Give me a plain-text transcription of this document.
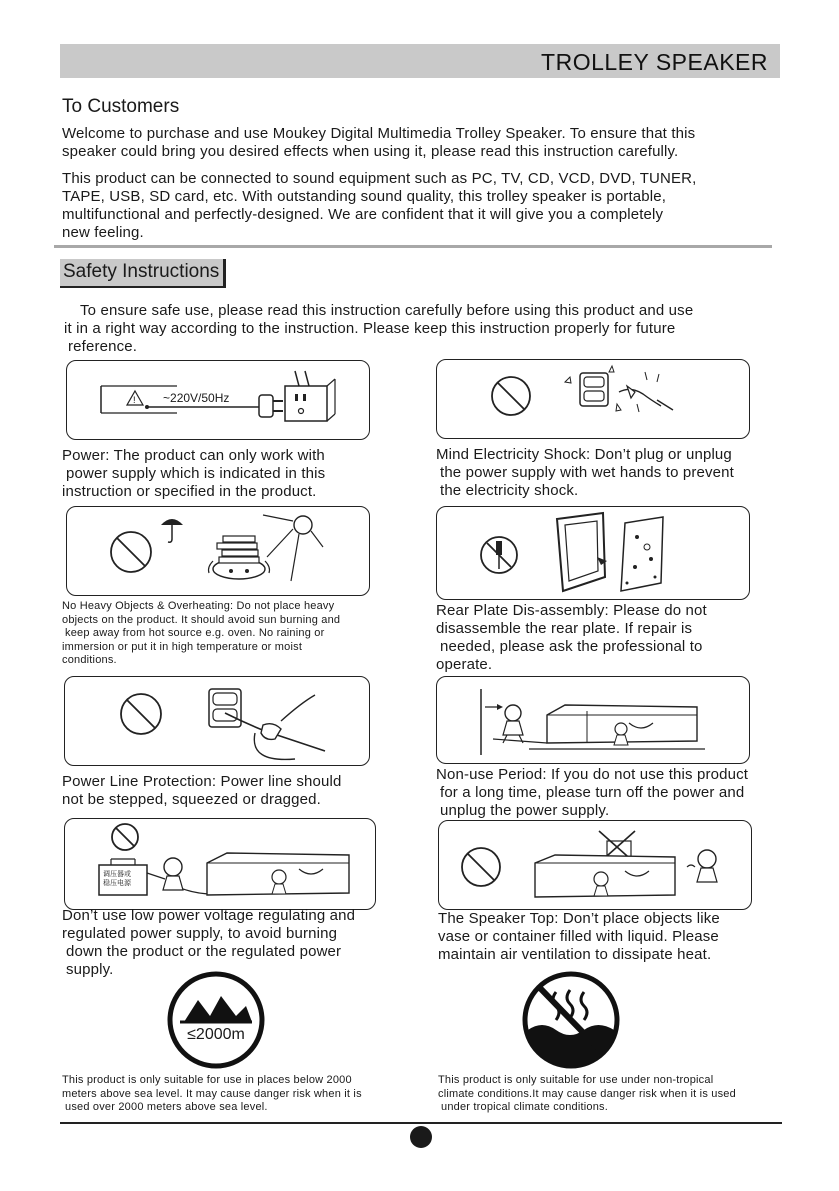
TROLLEY SPEAKER
To Customers
Welcome to purchase and use Moukey Digital Multimedia Trolley Speaker. To ensure that this
speaker could bring you desired effects when using it, please read this instruction carefully.
This product can be connected to sound equipment such as PC, TV, CD, VCD, DVD, TUNER,
TAPE, USB, SD card, etc. With outstanding sound quality, this trolley speaker is portable,
multifunctional and perfectly-designed. We are confident that it will give you a completely
new feeling.
Safety Instructions
To ensure safe use, please read this instruction carefully before using this product and use
it in a right way according to the instruction. Please keep this instruction properly for future
reference.
! ~220V/50Hz
Power: The product can only work with
power supply which is indicated in this
instruction or specified in the product.
Mind Electricity Shock: Don’t plug or unplug
the power supply with wet hands to prevent
the electricity shock.
No Heavy Objects & Overheating: Do not place heavy
objects on the product. It should avoid sun burning and
keep away from hot source e.g. oven. No raining or
immersion or put it in high temperature or moist
conditions.
Rear Plate Dis-assembly: Please do not
disassemble the rear plate. If repair is
needed, please ask the professional to
operate.
Power Line Protection: Power line should
not be stepped, squeezed or dragged.
Non-use Period: If you do not use this product
for a long time, please turn off the power and
unplug the power supply.
调压器或
稳压电源
Don’t use low power voltage regulating and
regulated power supply, to avoid burning
down the product or the regulated power
supply.
The Speaker Top: Don’t place objects like
vase or container filled with liquid. Please
maintain air ventilation to dissipate heat.
≤2000m
This product is only suitable for use in places below 2000
meters above sea level. It may cause danger risk when it is
used over 2000 meters above sea level.
This product is only suitable for use under non-tropical
climate conditions.It may cause danger risk when it is used
under tropical climate conditions.
